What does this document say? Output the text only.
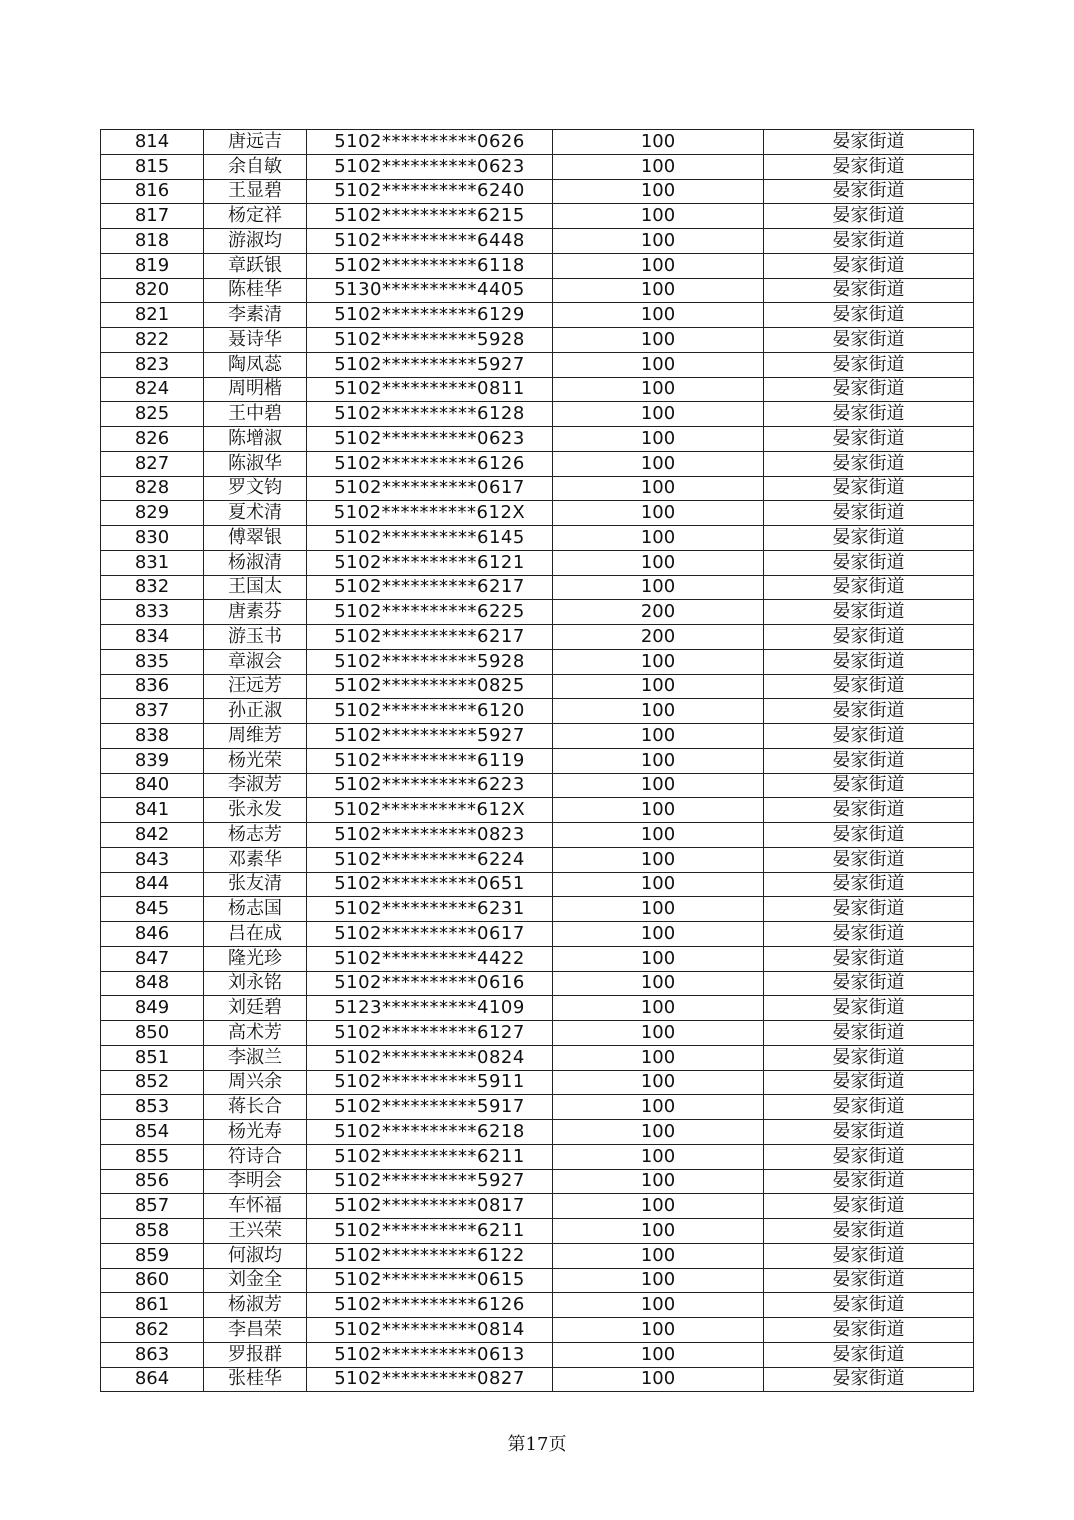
814	唐远吉	5102**********0626	100	晏家街道
815	余自敏	5102**********0623	100	晏家街道
816	王显碧	5102**********6240	100	晏家街道
817	杨定祥	5102**********6215	100	晏家街道
818	游淑均	5102**********6448	100	晏家街道
819	章跃银	5102**********6118	100	晏家街道
820	陈桂华	5130**********4405	100	晏家街道
821	李素清	5102**********6129	100	晏家街道
822	聂诗华	5102**********5928	100	晏家街道
823	陶凤蕊	5102**********5927	100	晏家街道
824	周明楷	5102**********0811	100	晏家街道
825	王中碧	5102**********6128	100	晏家街道
826	陈增淑	5102**********0623	100	晏家街道
827	陈淑华	5102**********6126	100	晏家街道
828	罗文钧	5102**********0617	100	晏家街道
829	夏术清	5102**********612X	100	晏家街道
830	傅翠银	5102**********6145	100	晏家街道
831	杨淑清	5102**********6121	100	晏家街道
832	王国太	5102**********6217	100	晏家街道
833	唐素芬	5102**********6225	200	晏家街道
834	游玉书	5102**********6217	200	晏家街道
835	章淑会	5102**********5928	100	晏家街道
836	汪远芳	5102**********0825	100	晏家街道
837	孙正淑	5102**********6120	100	晏家街道
838	周维芳	5102**********5927	100	晏家街道
839	杨光荣	5102**********6119	100	晏家街道
840	李淑芳	5102**********6223	100	晏家街道
841	张永发	5102**********612X	100	晏家街道
842	杨志芳	5102**********0823	100	晏家街道
843	邓素华	5102**********6224	100	晏家街道
844	张友清	5102**********0651	100	晏家街道
845	杨志国	5102**********6231	100	晏家街道
846	吕在成	5102**********0617	100	晏家街道
847	隆光珍	5102**********4422	100	晏家街道
848	刘永铭	5102**********0616	100	晏家街道
849	刘廷碧	5123**********4109	100	晏家街道
850	高术芳	5102**********6127	100	晏家街道
851	李淑兰	5102**********0824	100	晏家街道
852	周兴余	5102**********5911	100	晏家街道
853	蒋长合	5102**********5917	100	晏家街道
854	杨光寿	5102**********6218	100	晏家街道
855	符诗合	5102**********6211	100	晏家街道
856	李明会	5102**********5927	100	晏家街道
857	车怀福	5102**********0817	100	晏家街道
858	王兴荣	5102**********6211	100	晏家街道
859	何淑均	5102**********6122	100	晏家街道
860	刘金全	5102**********0615	100	晏家街道
861	杨淑芳	5102**********6126	100	晏家街道
862	李昌荣	5102**********0814	100	晏家街道
863	罗报群	5102**********0613	100	晏家街道
864	张桂华	5102**********0827	100	晏家街道
第17页
